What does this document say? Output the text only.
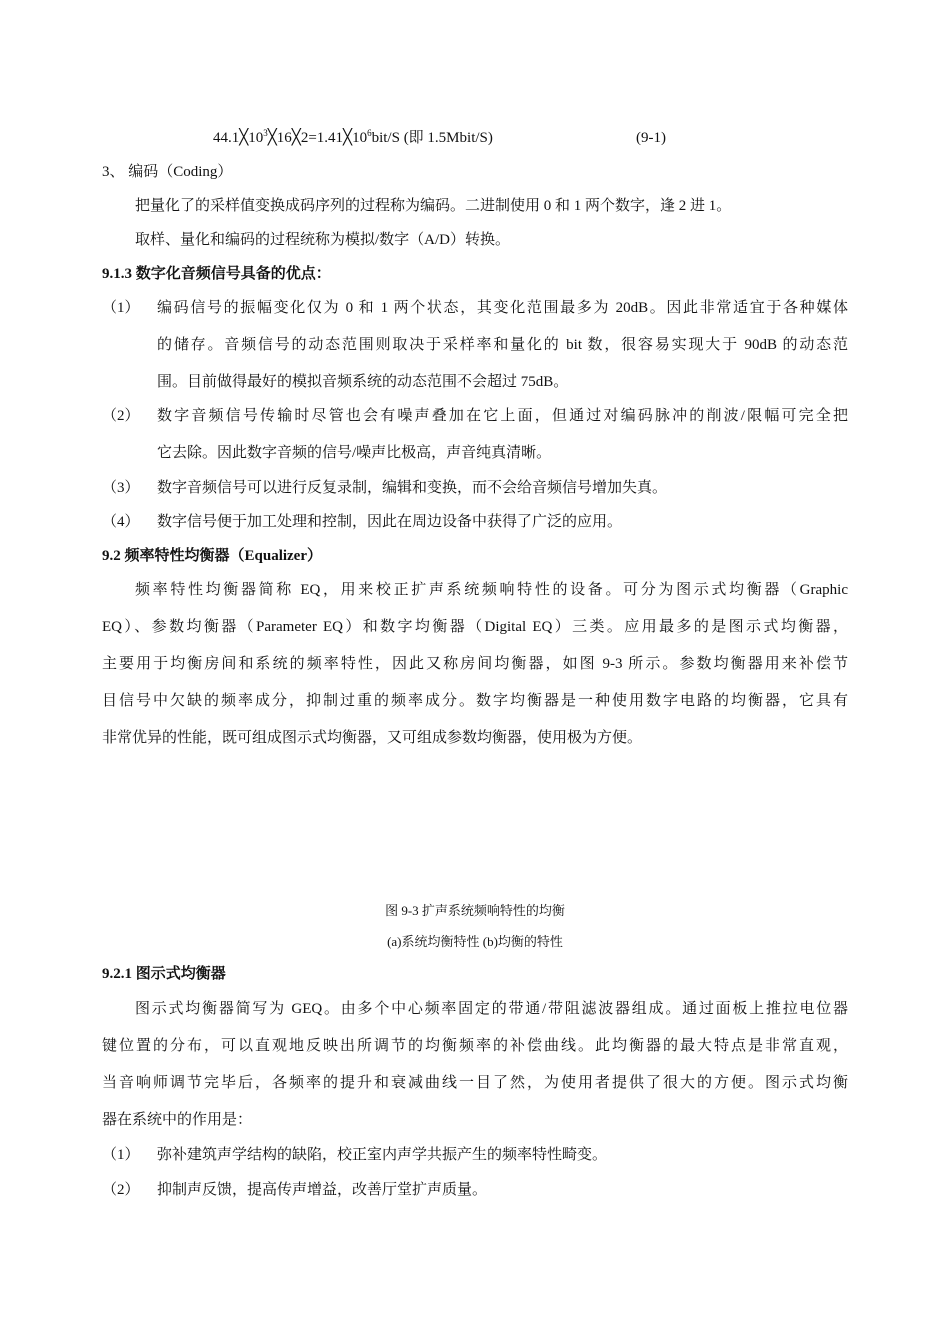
$44.1╳10^3╳16╳2=1.41╳10^6bit/S$ (即 1.5Mbit/S)	(9-1)
3、 编码（Coding）
把量化了的采样值变换成码序列的过程称为编码。二进制使用 0 和 1 两个数字，逢 2 进 1。
取样、量化和编码的过程统称为模拟/数字（A/D）转换。
9.1.3 数字化音频信号具备的优点：
（1） 编码信号的振幅变化仅为 0 和 1 两个状态，其变化范围最多为 20dB。因此非常适宜于各种媒体
的储存。音频信号的动态范围则取决于采样率和量化的 bit 数，很容易实现大于 90dB 的动态范
围。目前做得最好的模拟音频系统的动态范围不会超过 75dB。
（2） 数字音频信号传输时尽管也会有噪声叠加在它上面，但通过对编码脉冲的削波/限幅可完全把
它去除。因此数字音频的信号/噪声比极高，声音纯真清晰。
（3） 数字音频信号可以进行反复录制，编辑和变换，而不会给音频信号增加失真。
（4） 数字信号便于加工处理和控制，因此在周边设备中获得了广泛的应用。
9.2 频率特性均衡器（Equalizer）
频率特性均衡器简称 EQ，用来校正扩声系统频响特性的设备。可分为图示式均衡器（Graphic
EQ）、参数均衡器（Parameter EQ）和数字均衡器（Digital EQ）三类。应用最多的是图示式均衡器，
主要用于均衡房间和系统的频率特性，因此又称房间均衡器，如图 9-3 所示。参数均衡器用来补偿节
目信号中欠缺的频率成分，抑制过重的频率成分。数字均衡器是一种使用数字电路的均衡器，它具有
非常优异的性能，既可组成图示式均衡器，又可组成参数均衡器，使用极为方便。
图 9-3 扩声系统频响特性的均衡
(a)系统均衡特性 (b)均衡的特性
9.2.1 图示式均衡器
图示式均衡器简写为 GEQ。由多个中心频率固定的带通/带阻滤波器组成。通过面板上推拉电位器
键位置的分布，可以直观地反映出所调节的均衡频率的补偿曲线。此均衡器的最大特点是非常直观，
当音响师调节完毕后，各频率的提升和衰减曲线一目了然，为使用者提供了很大的方便。图示式均衡
器在系统中的作用是：
（1） 弥补建筑声学结构的缺陷，校正室内声学共振产生的频率特性畸变。
（2） 抑制声反馈，提高传声增益，改善厅堂扩声质量。
